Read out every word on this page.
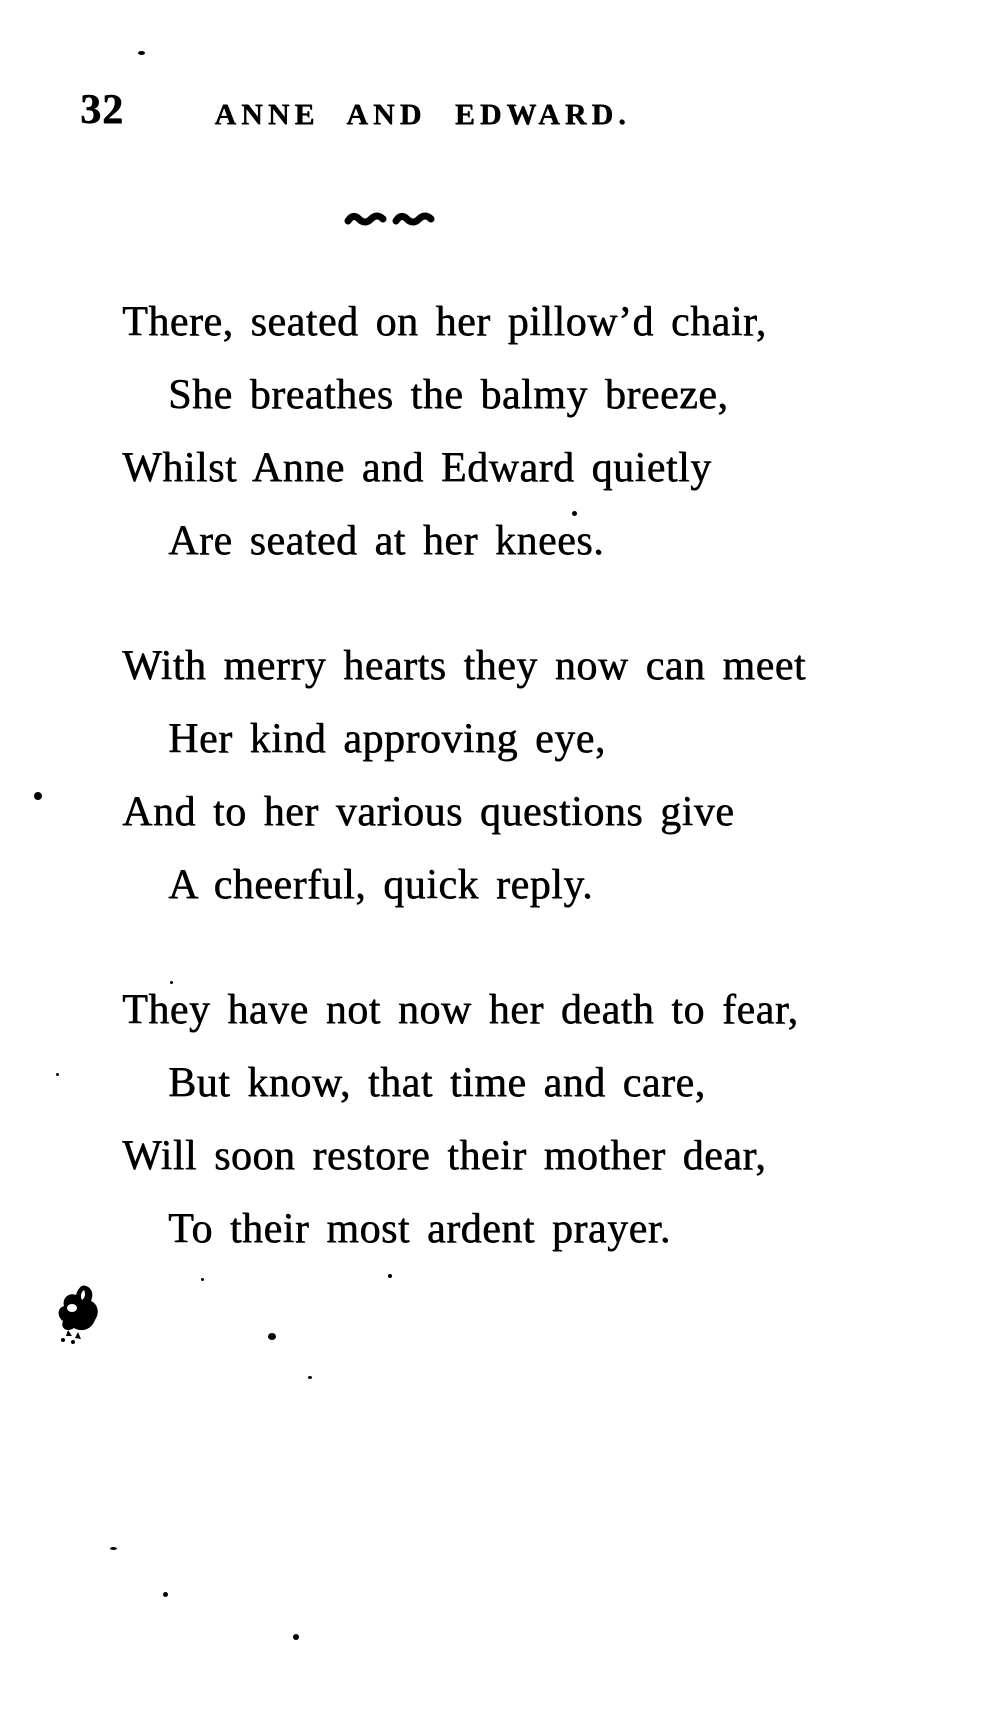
32	ANNE AND EDWARD.
There, seated on her pillow’d chair,
She breathes the balmy breeze,
Whilst Anne and Edward quietly
Are seated at her knees.
With merry hearts they now can meet
Her kind approving eye,
And to her various questions give
A cheerful, quick reply.
They have not now her death to fear,
But know, that time and care,
Will soon restore their mother dear,
To their most ardent prayer.
